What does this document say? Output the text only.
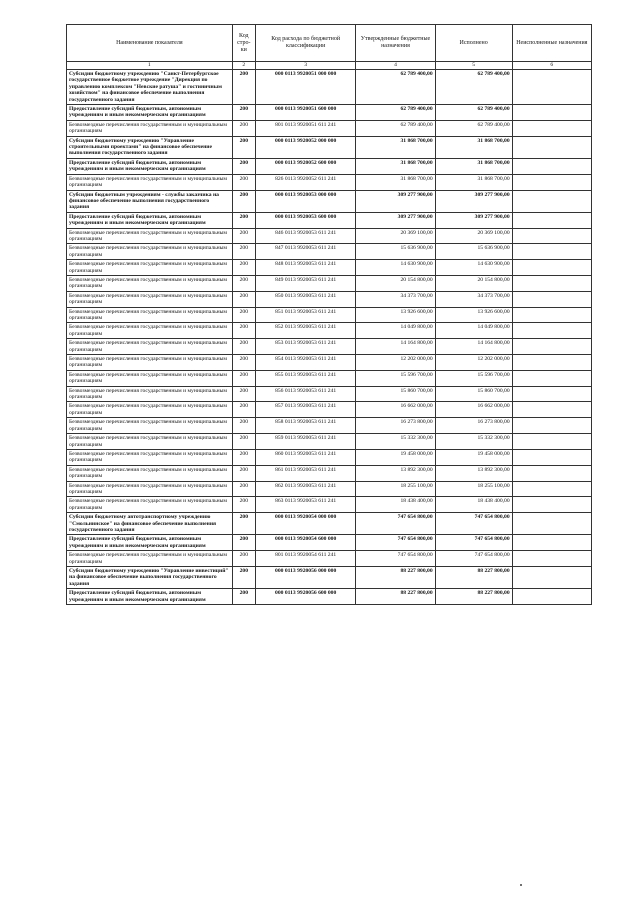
Наименование показателя	Код стро-ки	Код расхода по бюджетной классификации	Утвержденные бюджетные назначения	Исполнено	Неисполненные назначения
1	2	3	4	5	6
Субсидии бюджетному учреждению "Санкт-Петербургское государственное бюджетное учреждение "Дирекция по управлению комплексом "Невские ратуша" и гостиничным хозяйством" на финансовое обеспечение выполнения государственного задания	200	000 0113 9920051 000 000	62 789 400,00	62 789 400,00	
Предоставление субсидий бюджетным, автономным учреждениям и иным некоммерческим организациям	200	000 0113 9920051 600 000	62 789 400,00	62 789 400,00	
Безвозмездные перечисления государственным и муниципальным организациям	200	801 0113 9920051 611 241	62 789 400,00	62 789 400,00	
Субсидии бюджетному учреждению "Управление строительными проектами" на финансовое обеспечение выполнения государственного задания	200	000 0113 9920052 000 000	31 868 700,00	31 868 700,00	
Предоставление субсидий бюджетным, автономным учреждениям и иным некоммерческим организациям	200	000 0113 9920052 600 000	31 868 700,00	31 868 700,00	
Безвозмездные перечисления государственным и муниципальным организациям	200	826 0113 9920052 611 241	31 868 700,00	31 868 700,00	
Субсидии бюджетным учреждениям - службы заказчика на финансовое обеспечение выполнения государственного задания	200	000 0113 9920053 000 000	309 277 900,00	309 277 900,00	
Предоставление субсидий бюджетным, автономным учреждениям и иным некоммерческим организациям	200	000 0113 9920053 600 000	309 277 900,00	309 277 900,00	
Безвозмездные перечисления государственным и муниципальным организациям	200	846 0113 9920053 611 241	20 369 100,00	20 369 100,00	
Безвозмездные перечисления государственным и муниципальным организациям	200	847 0113 9920053 611 241	15 636 900,00	15 636 900,00	
Безвозмездные перечисления государственным и муниципальным организациям	200	848 0113 9920053 611 241	14 630 900,00	14 630 900,00	
Безвозмездные перечисления государственным и муниципальным организациям	200	849 0113 9920053 611 241	20 154 800,00	20 154 800,00	
Безвозмездные перечисления государственным и муниципальным организациям	200	850 0113 9920053 611 241	34 373 700,00	34 373 700,00	
Безвозмездные перечисления государственным и муниципальным организациям	200	851 0113 9920053 611 241	13 926 600,00	13 926 600,00	
Безвозмездные перечисления государственным и муниципальным организациям	200	852 0113 9920053 611 241	14 049 800,00	14 049 800,00	
Безвозмездные перечисления государственным и муниципальным организациям	200	853 0113 9920053 611 241	14 164 800,00	14 164 800,00	
Безвозмездные перечисления государственным и муниципальным организациям	200	854 0113 9920053 611 241	12 202 000,00	12 202 000,00	
Безвозмездные перечисления государственным и муниципальным организациям	200	855 0113 9920053 611 241	15 596 700,00	15 596 700,00	
Безвозмездные перечисления государственным и муниципальным организациям	200	856 0113 9920053 611 241	15 860 700,00	15 860 700,00	
Безвозмездные перечисления государственным и муниципальным организациям	200	857 0113 9920053 611 241	16 662 000,00	16 662 000,00	
Безвозмездные перечисления государственным и муниципальным организациям	200	858 0113 9920053 611 241	16 273 800,00	16 273 800,00	
Безвозмездные перечисления государственным и муниципальным организациям	200	859 0113 9920053 611 241	15 332 300,00	15 332 300,00	
Безвозмездные перечисления государственным и муниципальным организациям	200	860 0113 9920053 611 241	19 458 000,00	19 458 000,00	
Безвозмездные перечисления государственным и муниципальным организациям	200	861 0113 9920053 611 241	13 892 300,00	13 892 300,00	
Безвозмездные перечисления государственным и муниципальным организациям	200	862 0113 9920053 611 241	18 255 100,00	18 255 100,00	
Безвозмездные перечисления государственным и муниципальным организациям	200	863 0113 9920053 611 241	18 438 400,00	18 438 400,00	
Субсидии бюджетному автотранспортному учреждению "Смольнинское" на финансовое обеспечение выполнения государственного задания	200	000 0113 9920054 000 000	747 654 800,00	747 654 800,00	
Предоставление субсидий бюджетным, автономным учреждениям и иным некоммерческим организациям	200	000 0113 9920054 600 000	747 654 800,00	747 654 800,00	
Безвозмездные перечисления государственным и муниципальным организациям	200	801 0113 9920054 611 241	747 654 800,00	747 654 800,00	
Субсидии бюджетному учреждению "Управление инвестиций" на финансовое обеспечение выполнения государственного задания	200	000 0113 9920056 000 000	88 227 800,00	88 227 800,00	
Предоставление субсидий бюджетным, автономным учреждениям и иным некоммерческим организациям	200	000 0113 9920056 600 000	88 227 800,00	88 227 800,00	
